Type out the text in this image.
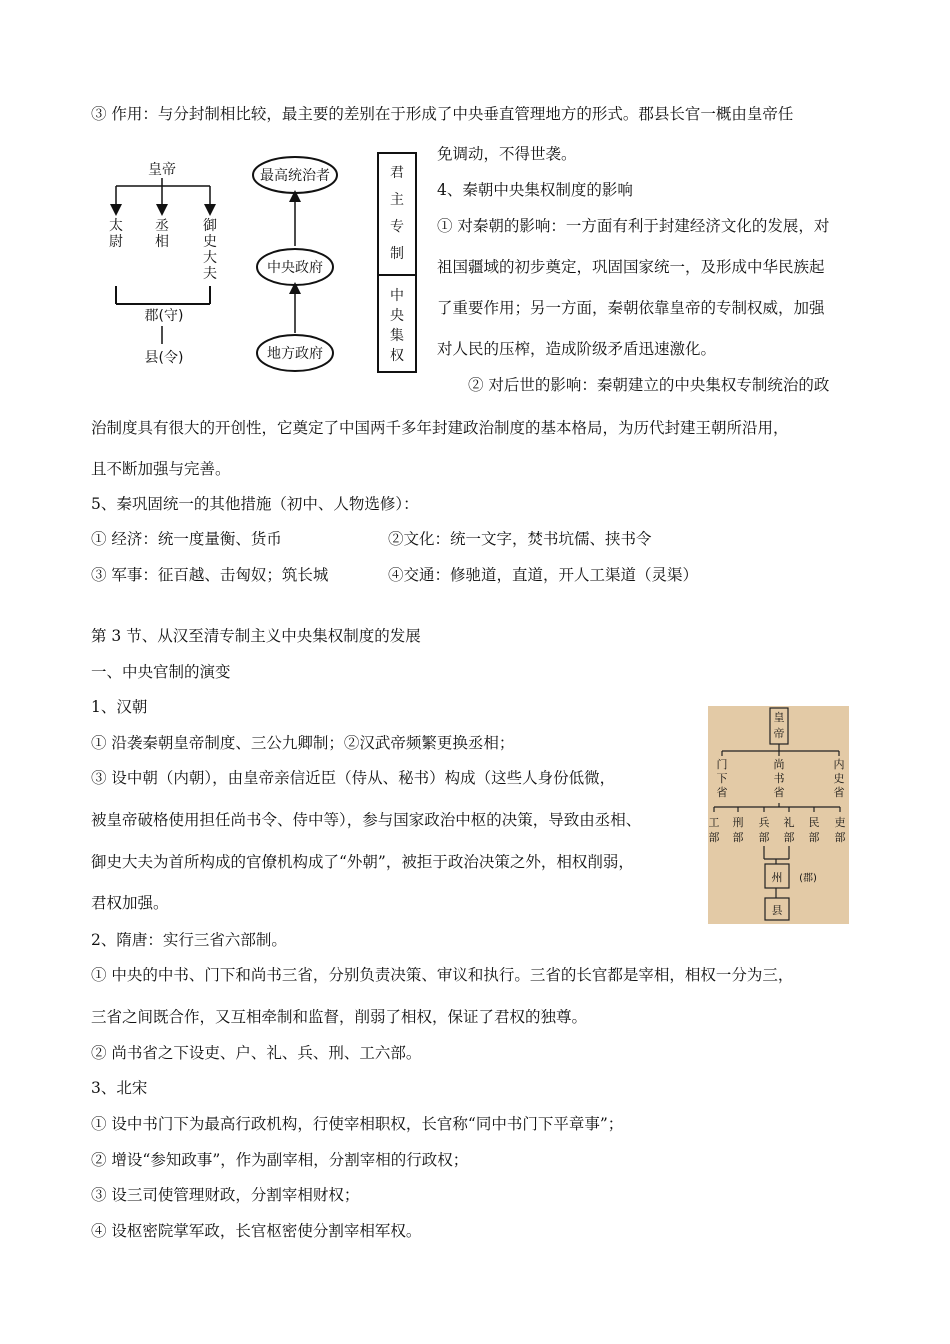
③ 作用：与分封制相比较，最主要的差别在于形成了中央垂直管理地方的形式。郡县长官一概由皇帝任
免调动，不得世袭。
4、秦朝中央集权制度的影响
① 对秦朝的影响：一方面有利于封建经济文化的发展，对
祖国疆域的初步奠定，巩固国家统一，及形成中华民族起
了重要作用；另一方面，秦朝依靠皇帝的专制权威，加强
对人民的压榨，造成阶级矛盾迅速激化。
② 对后世的影响：秦朝建立的中央集权专制统治的政
治制度具有很大的开创性，它奠定了中国两千多年封建政治制度的基本格局，为历代封建王朝所沿用，
且不断加强与完善。
5、秦巩固统一的其他措施（初中、人物选修）：
① 经济：统一度量衡、货币	②文化：统一文字，焚书坑儒、挟书令
③ 军事：征百越、击匈奴；筑长城	④交通：修驰道，直道，开人工渠道（灵渠）
第 3 节、从汉至清专制主义中央集权制度的发展
一、中央官制的演变
1、汉朝
① 沿袭秦朝皇帝制度、三公九卿制；②汉武帝频繁更换丞相；
③ 设中朝（内朝），由皇帝亲信近臣（侍从、秘书）构成（这些人身份低微，
被皇帝破格使用担任尚书令、侍中等），参与国家政治中枢的决策，导致由丞相、
御史大夫为首所构成的官僚机构成了“外朝”，被拒于政治决策之外，相权削弱，
君权加强。
2、隋唐：实行三省六部制。
① 中央的中书、门下和尚书三省，分别负责决策、审议和执行。三省的长官都是宰相，相权一分为三，
三省之间既合作，又互相牵制和监督，削弱了相权，保证了君权的独尊。
② 尚书省之下设吏、户、礼、兵、刑、工六部。
3、北宋
① 设中书门下为最高行政机构，行使宰相职权，长官称“同中书门下平章事”；
② 增设“参知政事”，作为副宰相，分割宰相的行政权；
③ 设三司使管理财政，分割宰相财权；
④ 设枢密院掌军政，长官枢密使分割宰相军权。
皇帝
太尉
丞相
御史大夫
郡(守)
县(令)
最高统治者
中央政府
地方政府
君主专制
中央集权
皇帝
门下省
尚书省
内史省
工部
刑部
兵部
礼部
民部
吏部
州 (郡)
县
